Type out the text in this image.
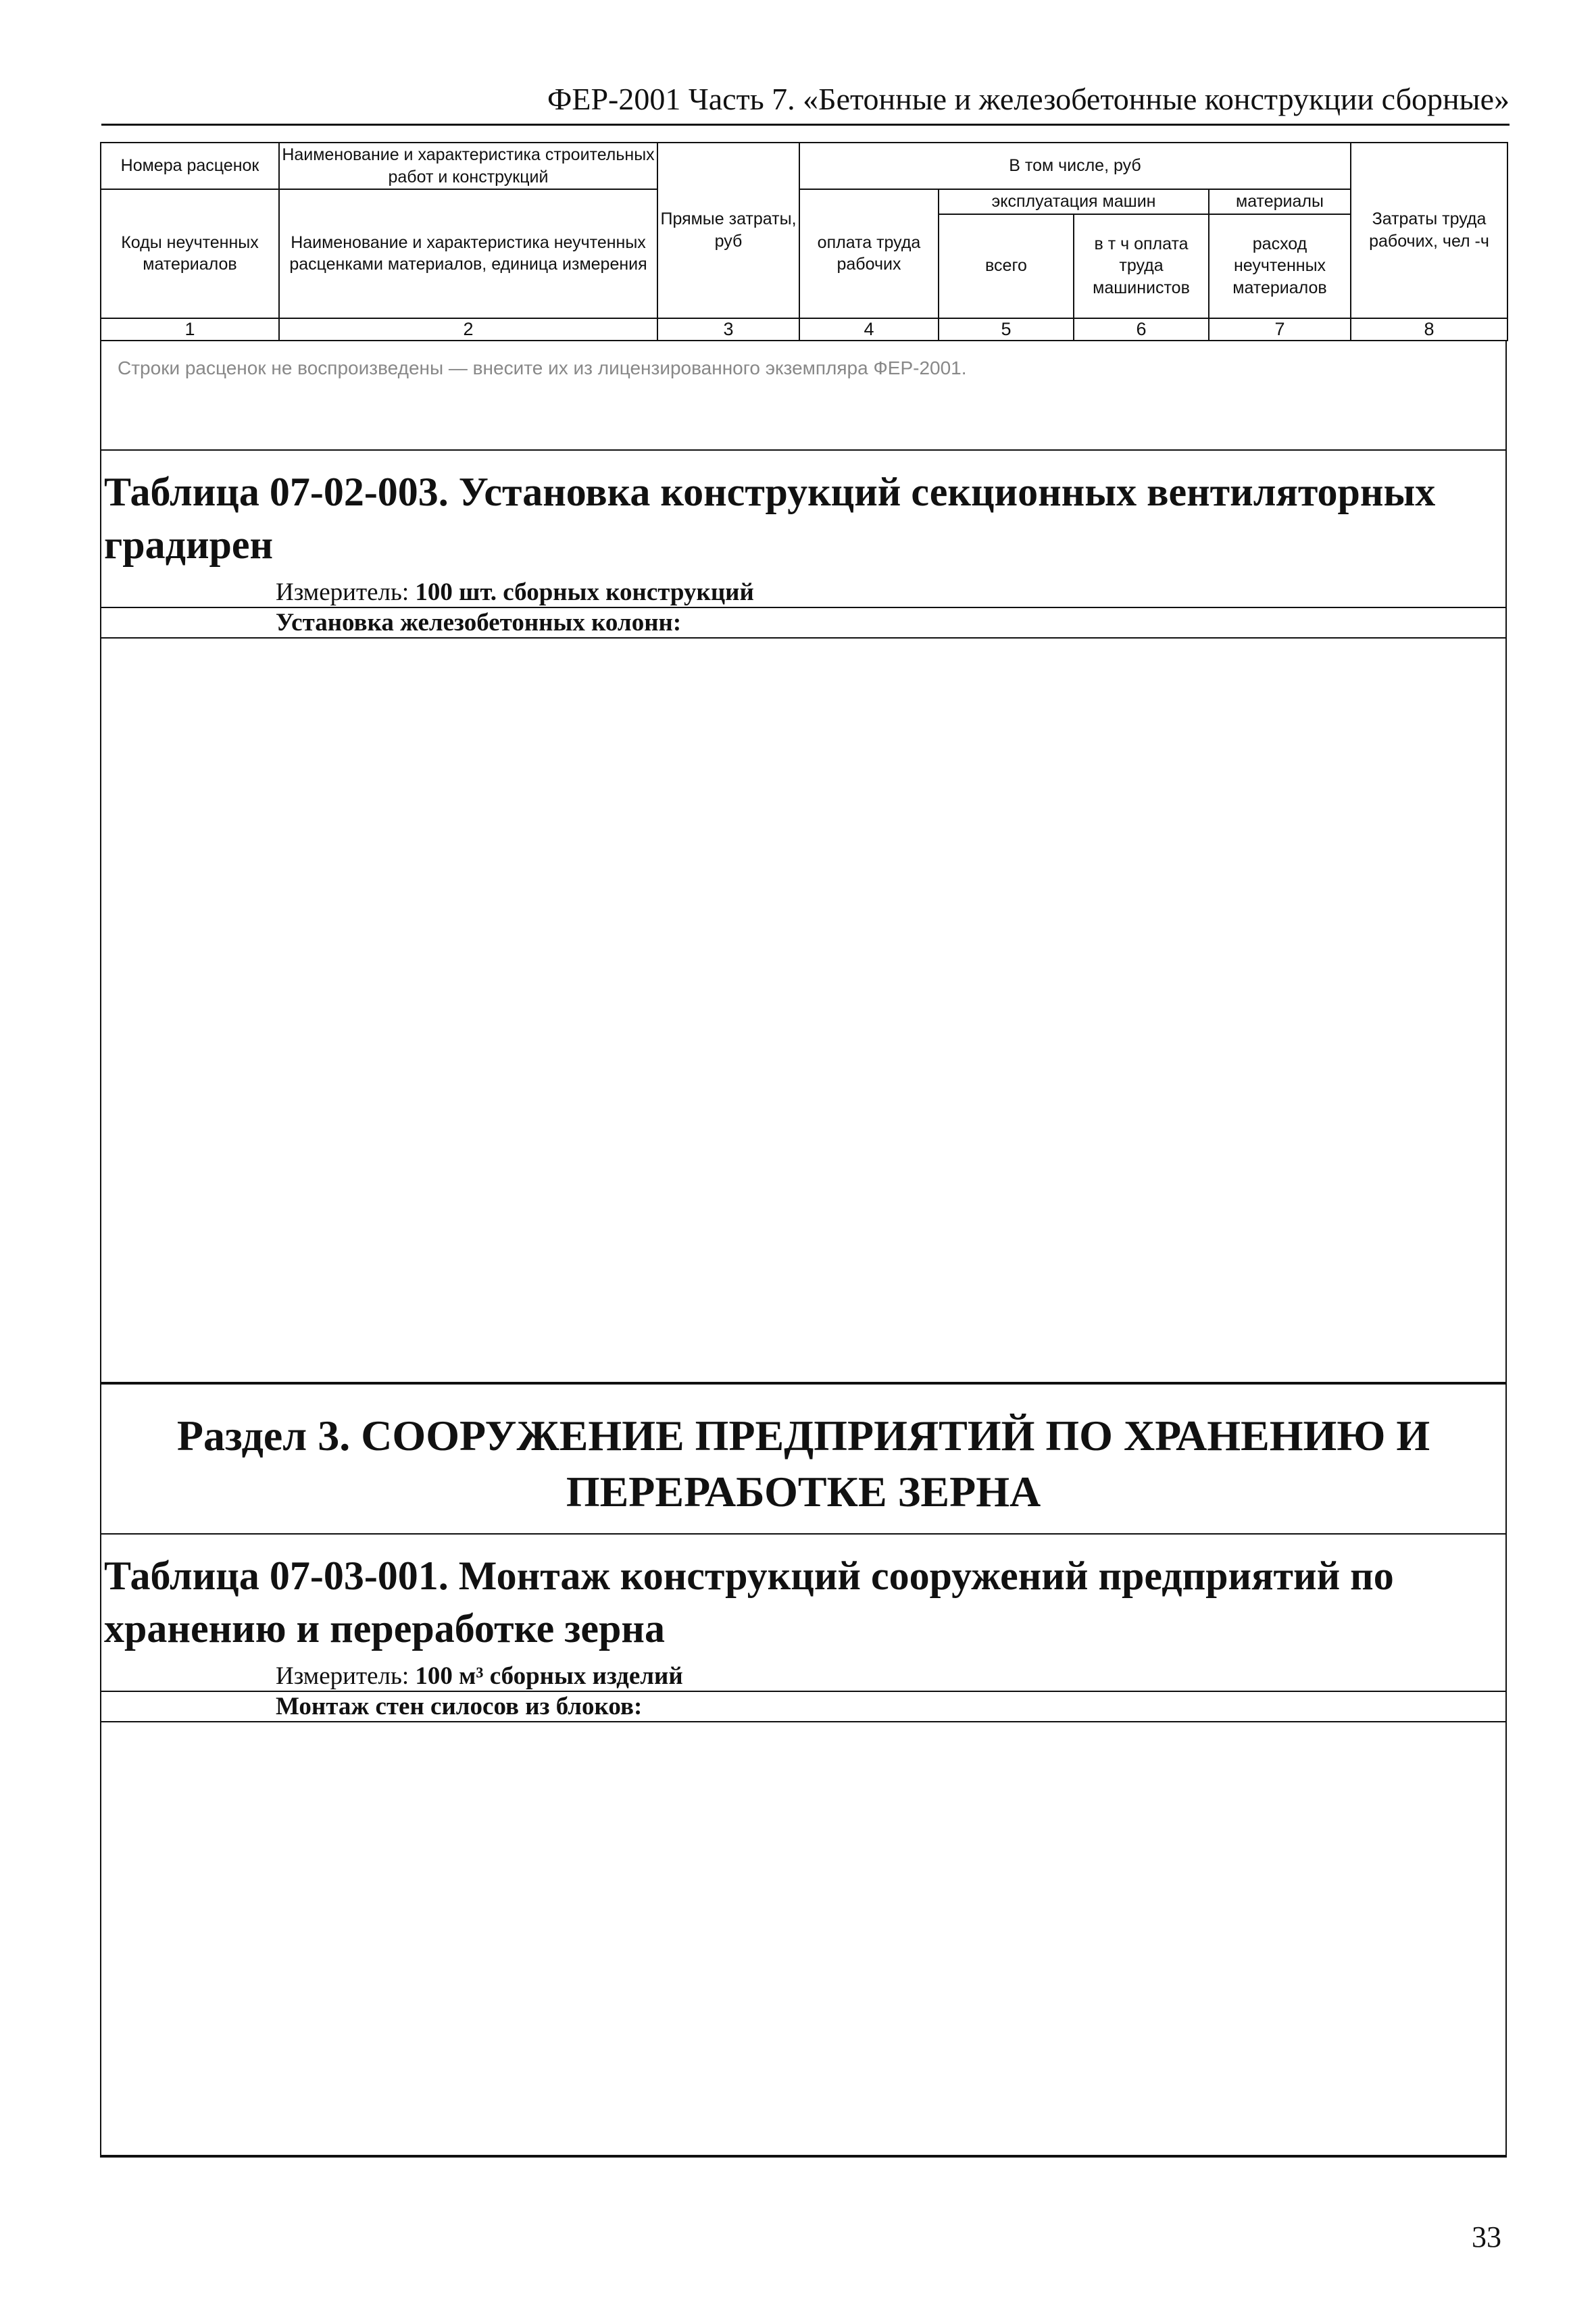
ФЕР-2001 Часть 7. «Бетонные и железобетонные конструкции сборные»
Номера расценок	Наименование и характеристика строительных работ и конструкций	Прямые затраты, руб	В том числе, руб				Затраты труда рабочих, чел -ч
Коды неучтенных материалов	Наименование и характеристика неучтенных расценками материалов, единица измерения		оплата труда рабочих	эксплуатация машин		материалы	
				всего	в т ч оплата труда машинистов	расход неучтенных материалов	
1	2	3	4	5	6	7	8
Строки расценок не воспроизведены — внесите их из лицензированного экземпляра ФЕР-2001.
Таблица 07-02-003. Установка конструкций секционных вентиляторных градирен
Измеритель: 100 шт. сборных конструкций
Установка железобетонных колонн:
Раздел 3. СООРУЖЕНИЕ ПРЕДПРИЯТИЙ ПО ХРАНЕНИЮ И ПЕРЕРАБОТКЕ ЗЕРНА
Таблица 07-03-001. Монтаж конструкций сооружений предприятий по хранению и переработке зерна
Измеритель: 100 м³ сборных изделий
Монтаж стен силосов из блоков:
33
